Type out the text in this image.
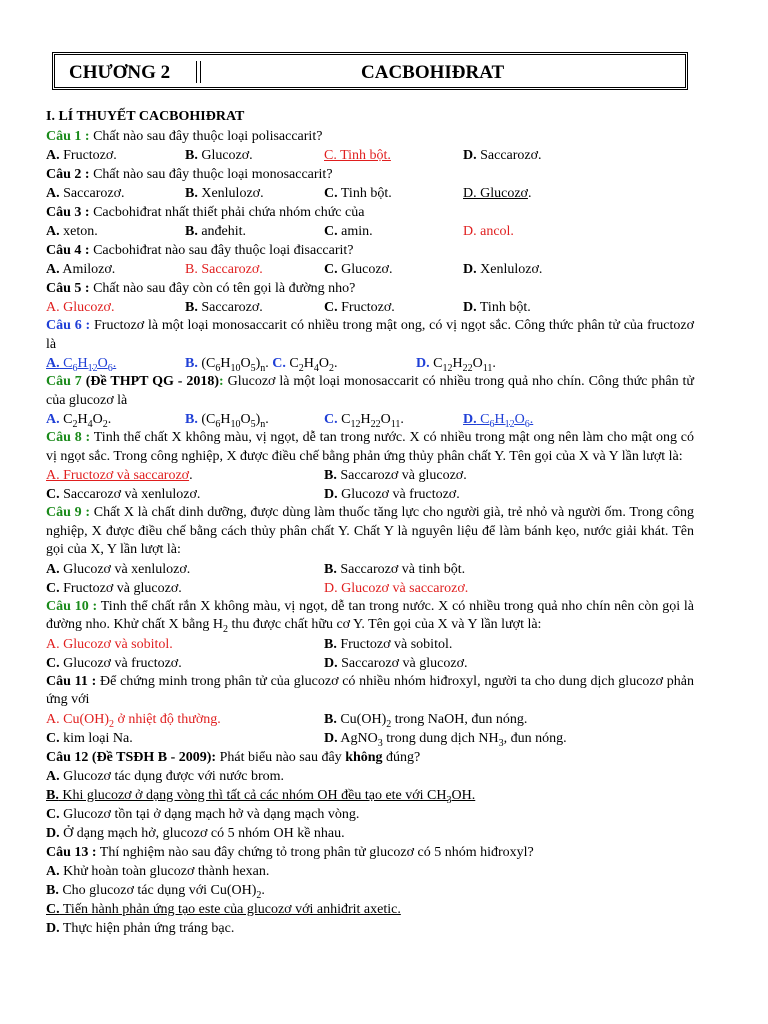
CHƯƠNG 2	CACBOHIĐRAT
I. LÍ THUYẾT CACBOHIĐRAT
Câu 1 : Chất nào sau đây thuộc loại polisaccarit?
A. Fructozơ.	B. Glucozơ.	C. Tinh bột.	D. Saccarozơ.
Câu 2 : Chất nào sau đây thuộc loại monosaccarit?
A. Saccarozơ.	B. Xenlulozơ.	C. Tinh bột.	D. Glucozơ.
Câu 3 : Cacbohiđrat nhất thiết phải chứa nhóm chức của
A. xeton.	B. anđehit.	C. amin.	D. ancol.
Câu 4 : Cacbohiđrat nào sau đây thuộc loại đisaccarit?
A. Amilozơ.	B. Saccarozơ.	C. Glucozơ.	D. Xenlulozơ.
Câu 5 : Chất nào sau đây còn có tên gọi là đường nho?
A. Glucozơ.	B. Saccarozơ.	C. Fructozơ.	D. Tinh bột.
Câu 6 : Fructozơ là một loại monosaccarit có nhiều trong mật ong, có vị ngọt sắc. Công thức phân tử của fructozơ là
A. $C_6H_{12}O_6$.	B. $(C_6H_{10}O_5)_n$. C. $C_2H_4O_2$.	D. $C_{12}H_{22}O_{11}$.
Câu 7 (Đề THPT QG - 2018): Glucozơ là một loại monosaccarit có nhiều trong quả nho chín. Công thức phân tử của glucozơ là
A. $C_2H_4O_2$.	B. $(C_6H_{10}O_5)_n$.	C. $C_{12}H_{22}O_{11}$.	D. $C_6H_{12}O_6$.
Câu 8 : Tinh thể chất X không màu, vị ngọt, dễ tan trong nước. X có nhiều trong mật ong nên làm cho mật ong có vị ngọt sắc. Trong công nghiệp, X được điều chế bằng phản ứng thủy phân chất Y. Tên gọi của X và Y lần lượt là:
A. Fructozơ và saccarozơ.	B. Saccarozơ và glucozơ.
C. Saccarozơ và xenlulozơ.	D. Glucozơ và fructozơ.
Câu 9 : Chất X là chất dinh dưỡng, được dùng làm thuốc tăng lực cho người già, trẻ nhỏ và người ốm. Trong công nghiệp, X được điều chế bằng cách thủy phân chất Y. Chất Y là nguyên liệu để làm bánh kẹo, nước giải khát. Tên gọi của X, Y lần lượt là:
A. Glucozơ và xenlulozơ.	B. Saccarozơ và tinh bột.
C. Fructozơ và glucozơ.	D. Glucozơ và saccarozơ.
Câu 10 : Tinh thể chất rắn X không màu, vị ngọt, dễ tan trong nước. X có nhiều trong quả nho chín nên còn gọi là đường nho. Khử chất X bằng $H_2$ thu được chất hữu cơ Y. Tên gọi của X và Y lần lượt là:
A. Glucozơ và sobitol.	B. Fructozơ và sobitol.
C. Glucozơ và fructozơ.	D. Saccarozơ và glucozơ.
Câu 11 : Để chứng minh trong phân tử của glucozơ có nhiều nhóm hiđroxyl, người ta cho dung dịch glucozơ phản ứng với
A. $Cu(OH)_2$ ở nhiệt độ thường.	B. $Cu(OH)_2$ trong NaOH, đun nóng.
C. kim loại Na.	D. AgNO$_3$ trong dung dịch $NH_3$, đun nóng.
Câu 12 (Đề TSĐH B - 2009): Phát biểu nào sau đây không đúng?
A. Glucozơ tác dụng được với nước brom.
B. Khi glucozơ ở dạng vòng thì tất cả các nhóm OH đều tạo ete với $CH_3OH$.
C. Glucozơ tồn tại ở dạng mạch hở và dạng mạch vòng.
D. Ở dạng mạch hở, glucozơ có 5 nhóm OH kề nhau.
Câu 13 : Thí nghiệm nào sau đây chứng tỏ trong phân tử glucozơ có 5 nhóm hiđroxyl?
A. Khử hoàn toàn glucozơ thành hexan.
B. Cho glucozơ tác dụng với $Cu(OH)_2$.
C. Tiến hành phản ứng tạo este của glucozơ với anhiđrit axetic.
D. Thực hiện phản ứng tráng bạc.
